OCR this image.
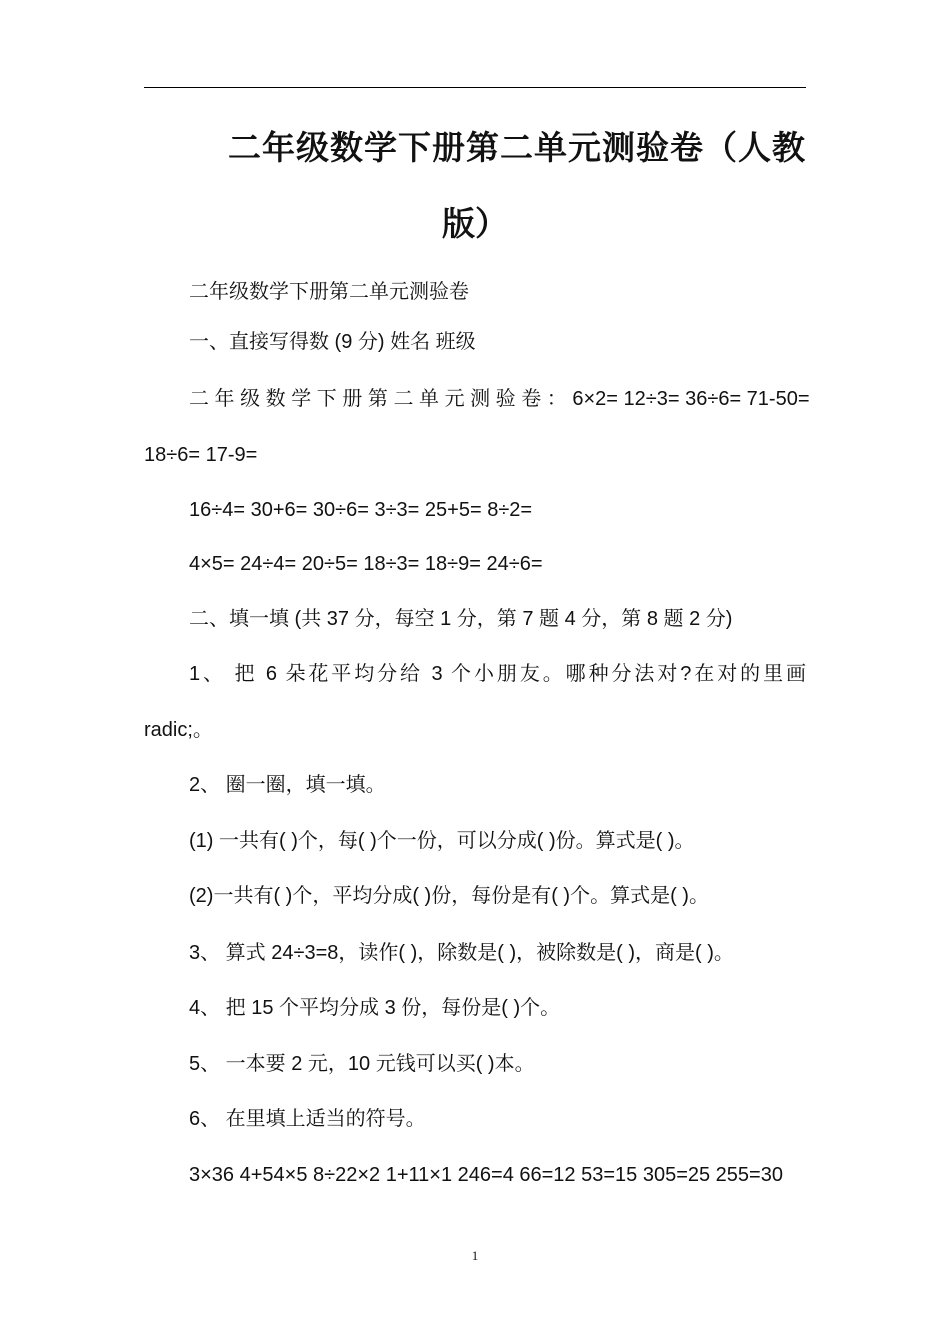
二年级数学下册第二单元测验卷（人教
版）
二年级数学下册第二单元测验卷
一、直接写得数 (9 分) 姓名 班级
二 年 级 数 学 下 册 第 二 单 元 测 验 卷 ： 6×2= 12÷3= 36÷6= 71-50=
18÷6= 17-9=
16÷4= 30+6= 30÷6= 3÷3= 25+5= 8÷2=
4×5= 24÷4= 20÷5= 18÷3= 18÷9= 24÷6=
二、填一填 (共 37 分，每空 1 分，第 7 题 4 分，第 8 题 2 分)
1、 把 6 朵花平均分给 3 个小朋友。哪种分法对?在对的里画
radic;。
2、 圈一圈，填一填。
(1) 一共有( )个，每( )个一份，可以分成( )份。算式是( )。
(2)一共有( )个，平均分成( )份，每份是有( )个。算式是( )。
3、 算式 24÷3=8，读作( )，除数是( )，被除数是( )，商是( )。
4、 把 15 个平均分成 3 份，每份是( )个。
5、 一本要 2 元，10 元钱可以买( )本。
6、 在里填上适当的符号。
3×36 4+54×5 8÷22×2 1+11×1 246=4 66=12 53=15 305=25 255=30
1
